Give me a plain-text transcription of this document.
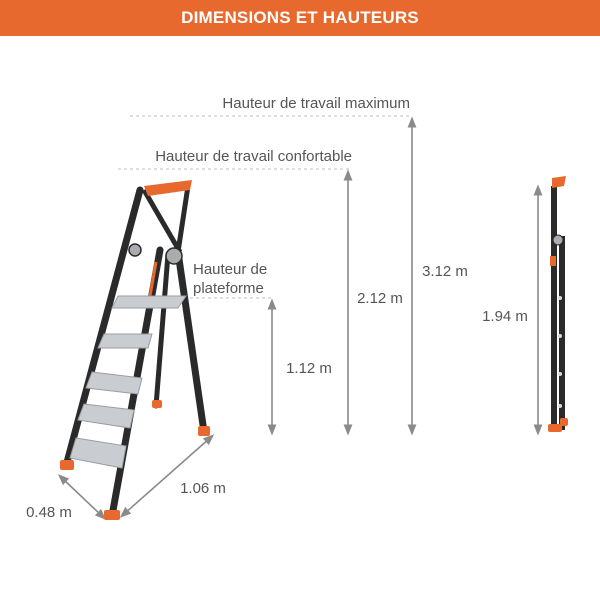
DIMENSIONS ET HAUTEURS
Hauteur de travail maximum
Hauteur de travail confortable
Hauteur de
plateforme
3.12 m
2.12 m
1.12 m
1.06 m
0.48 m
1.94 m
